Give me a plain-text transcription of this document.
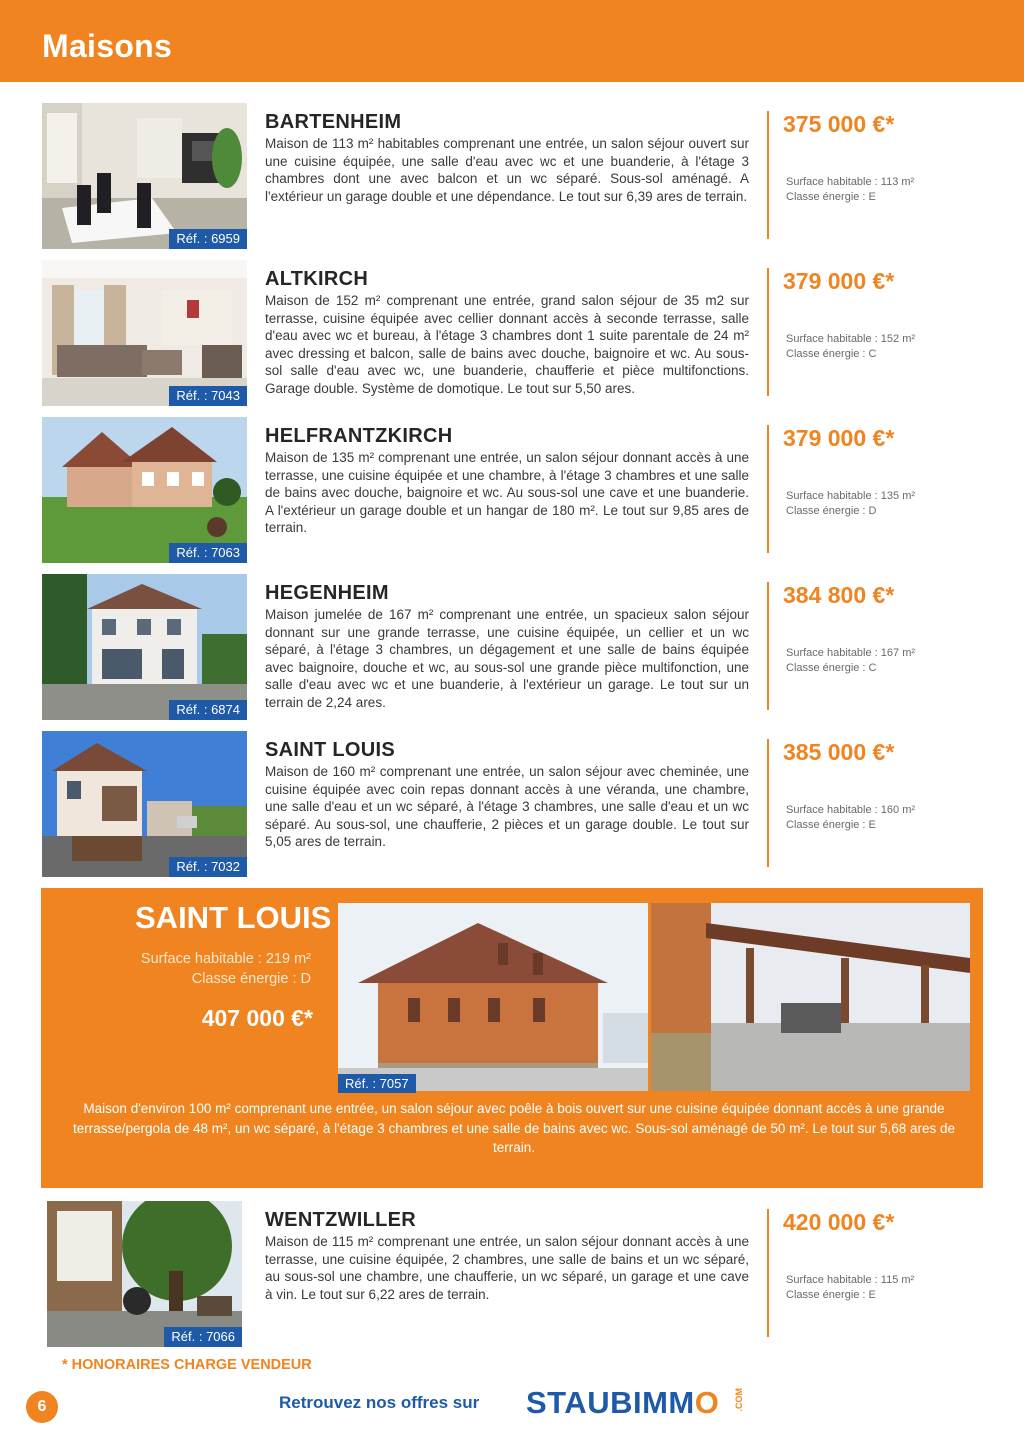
Maisons
Réf. : 6959
BARTENHEIM
Maison de 113 m² habitables comprenant une entrée, un salon séjour ouvert sur une cuisine équipée, une salle d'eau avec wc et une buanderie, à l'étage 3 chambres dont une avec balcon et un wc séparé. Sous-sol aménagé. A l'extérieur un garage double et une dépendance. Le tout sur 6,39 ares de terrain.
375 000 €*
Surface habitable : 113 m²
Classe énergie : E
Réf. : 7043
ALTKIRCH
Maison de 152 m² comprenant une entrée, grand salon séjour de 35 m2 sur terrasse, cuisine équipée avec cellier donnant accès à seconde terrasse, salle d'eau avec wc et bureau, à l'étage 3 chambres dont 1 suite parentale de 24 m² avec dressing et balcon, salle de bains avec douche, baignoire et wc. Au sous-sol salle d'eau avec wc, une buanderie, chaufferie et pièce multifonctions. Garage double. Système de domotique. Le tout sur 5,50 ares.
379 000 €*
Surface habitable : 152 m²
Classe énergie : C
Réf. : 7063
HELFRANTZKIRCH
Maison de 135 m² comprenant une entrée, un salon séjour donnant accès à une terrasse, une cuisine équipée et une chambre, à l'étage 3 chambres et une salle de bains avec douche, baignoire et wc. Au sous-sol une cave et une buanderie. A l'extérieur un garage double et un hangar de 180 m². Le tout sur 9,85 ares de terrain.
379 000 €*
Surface habitable : 135 m²
Classe énergie : D
Réf. : 6874
HEGENHEIM
Maison jumelée de 167 m² comprenant une entrée, un spacieux salon séjour donnant sur une grande terrasse, une cuisine équipée, un cellier et un wc séparé, à l'étage 3 chambres, un dégagement et une salle de bains équipée avec baignoire, douche et wc, au sous-sol une grande pièce multifonction, une salle d'eau avec wc et une buanderie, à l'extérieur un garage. Le tout sur un terrain de 2,24 ares.
384 800 €*
Surface habitable : 167 m²
Classe énergie : C
Réf. : 7032
SAINT LOUIS
Maison de 160 m² comprenant une entrée, un salon séjour avec cheminée, une cuisine équipée avec coin repas donnant accès à une véranda, une chambre, une salle d'eau et un wc séparé, à l'étage 3 chambres, une salle d'eau et un wc séparé. Au sous-sol, une chaufferie, 2 pièces et un garage double. Le tout sur 5,05 ares de terrain.
385 000 €*
Surface habitable : 160 m²
Classe énergie : E
SAINT LOUIS
Surface habitable : 219 m²
Classe énergie : D
407 000 €*
Réf. : 7057
Maison d'environ 100 m² comprenant une entrée, un salon séjour avec poêle à bois ouvert sur une cuisine équipée donnant accès à une grande terrasse/pergola de 48 m², un wc séparé, à l'étage 3 chambres et une salle de bains avec wc. Sous-sol aménagé de 50 m². Le tout sur 5,68 ares de terrain.
Réf. : 7066
WENTZWILLER
Maison de 115 m² comprenant une entrée, un salon séjour donnant accès à une terrasse, une cuisine équipée, 2 chambres, une salle de bains et un wc séparé, au sous-sol une chambre, une chaufferie, un wc séparé, un garage et une cave à vin. Le tout sur 6,22 ares de terrain.
420 000 €*
Surface habitable : 115 m²
Classe énergie : E
* HONORAIRES CHARGE VENDEUR
6	Retrouvez nos offres sur STAUBIMMO .COM
